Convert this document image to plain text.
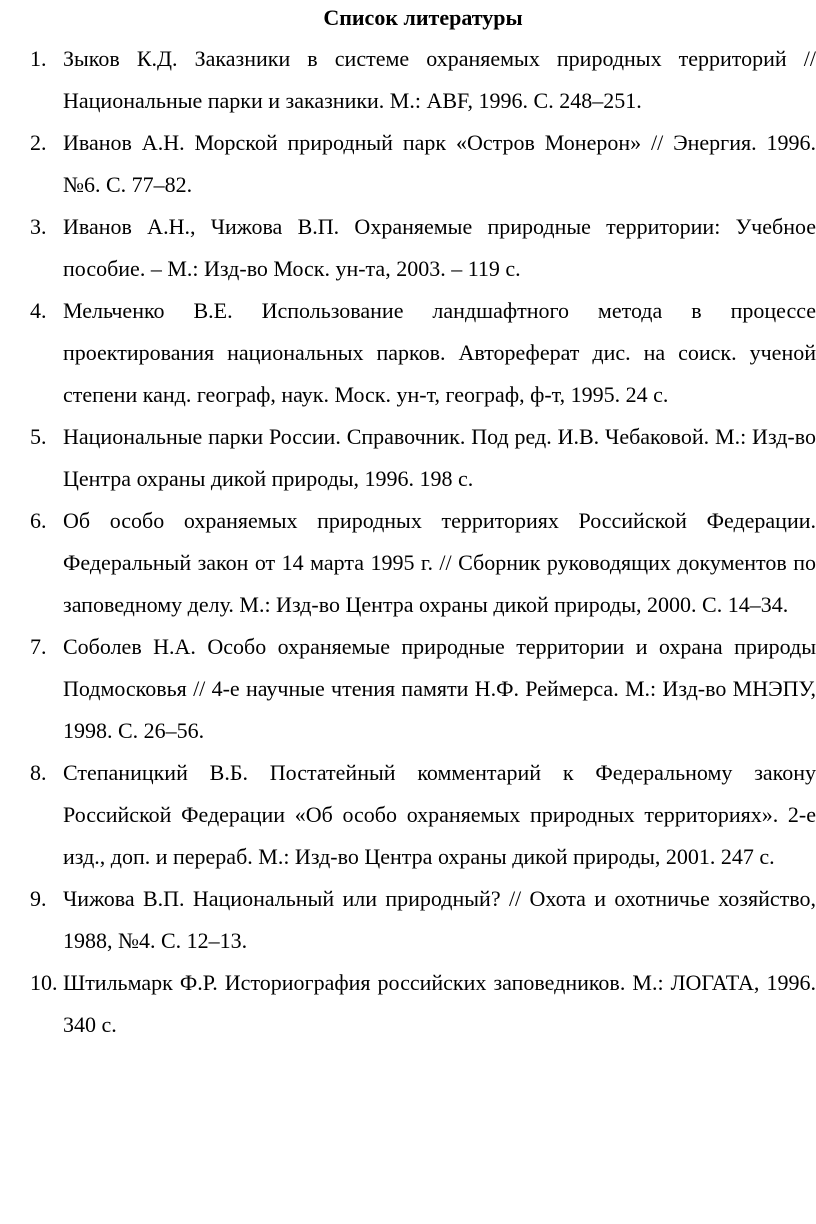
Список литературы
1. Зыков К.Д. Заказники в системе охраняемых природных территорий // Национальные парки и заказники. М.: ABF, 1996. С. 248–251.
2. Иванов А.Н. Морской природный парк «Остров Монерон» // Энергия. 1996. №6. С. 77–82.
3. Иванов А.Н., Чижова В.П. Охраняемые природные территории: Учебное пособие. – М.: Изд-во Моск. ун-та, 2003. – 119 с.
4. Мельченко В.Е. Использование ландшафтного метода в процессе проектирования национальных парков. Автореферат дис. на соиск. ученой степени канд. географ, наук. Моск. ун-т, географ, ф-т, 1995. 24 с.
5. Национальные парки России. Справочник. Под ред. И.В. Чебаковой. М.: Изд-во Центра охраны дикой природы, 1996. 198 с.
6. Об особо охраняемых природных территориях Российской Федерации. Федеральный закон от 14 марта 1995 г. // Сборник руководящих документов по заповедному делу. М.: Изд-во Центра охраны дикой природы, 2000. С. 14–34.
7. Соболев Н.А. Особо охраняемые природные территории и охрана природы Подмосковья // 4-е научные чтения памяти Н.Ф. Реймерса. М.: Изд-во МНЭПУ, 1998. С. 26–56.
8. Степаницкий В.Б. Постатейный комментарий к Федеральному закону Российской Федерации «Об особо охраняемых природных территориях». 2-е изд., доп. и перераб. М.: Изд-во Центра охраны дикой природы, 2001. 247 с.
9. Чижова В.П. Национальный или природный? // Охота и охотничье хозяйство, 1988, №4. С. 12–13.
10. Штильмарк Ф.Р. Историография российских заповедников. М.: ЛОГАТА, 1996. 340 с.
